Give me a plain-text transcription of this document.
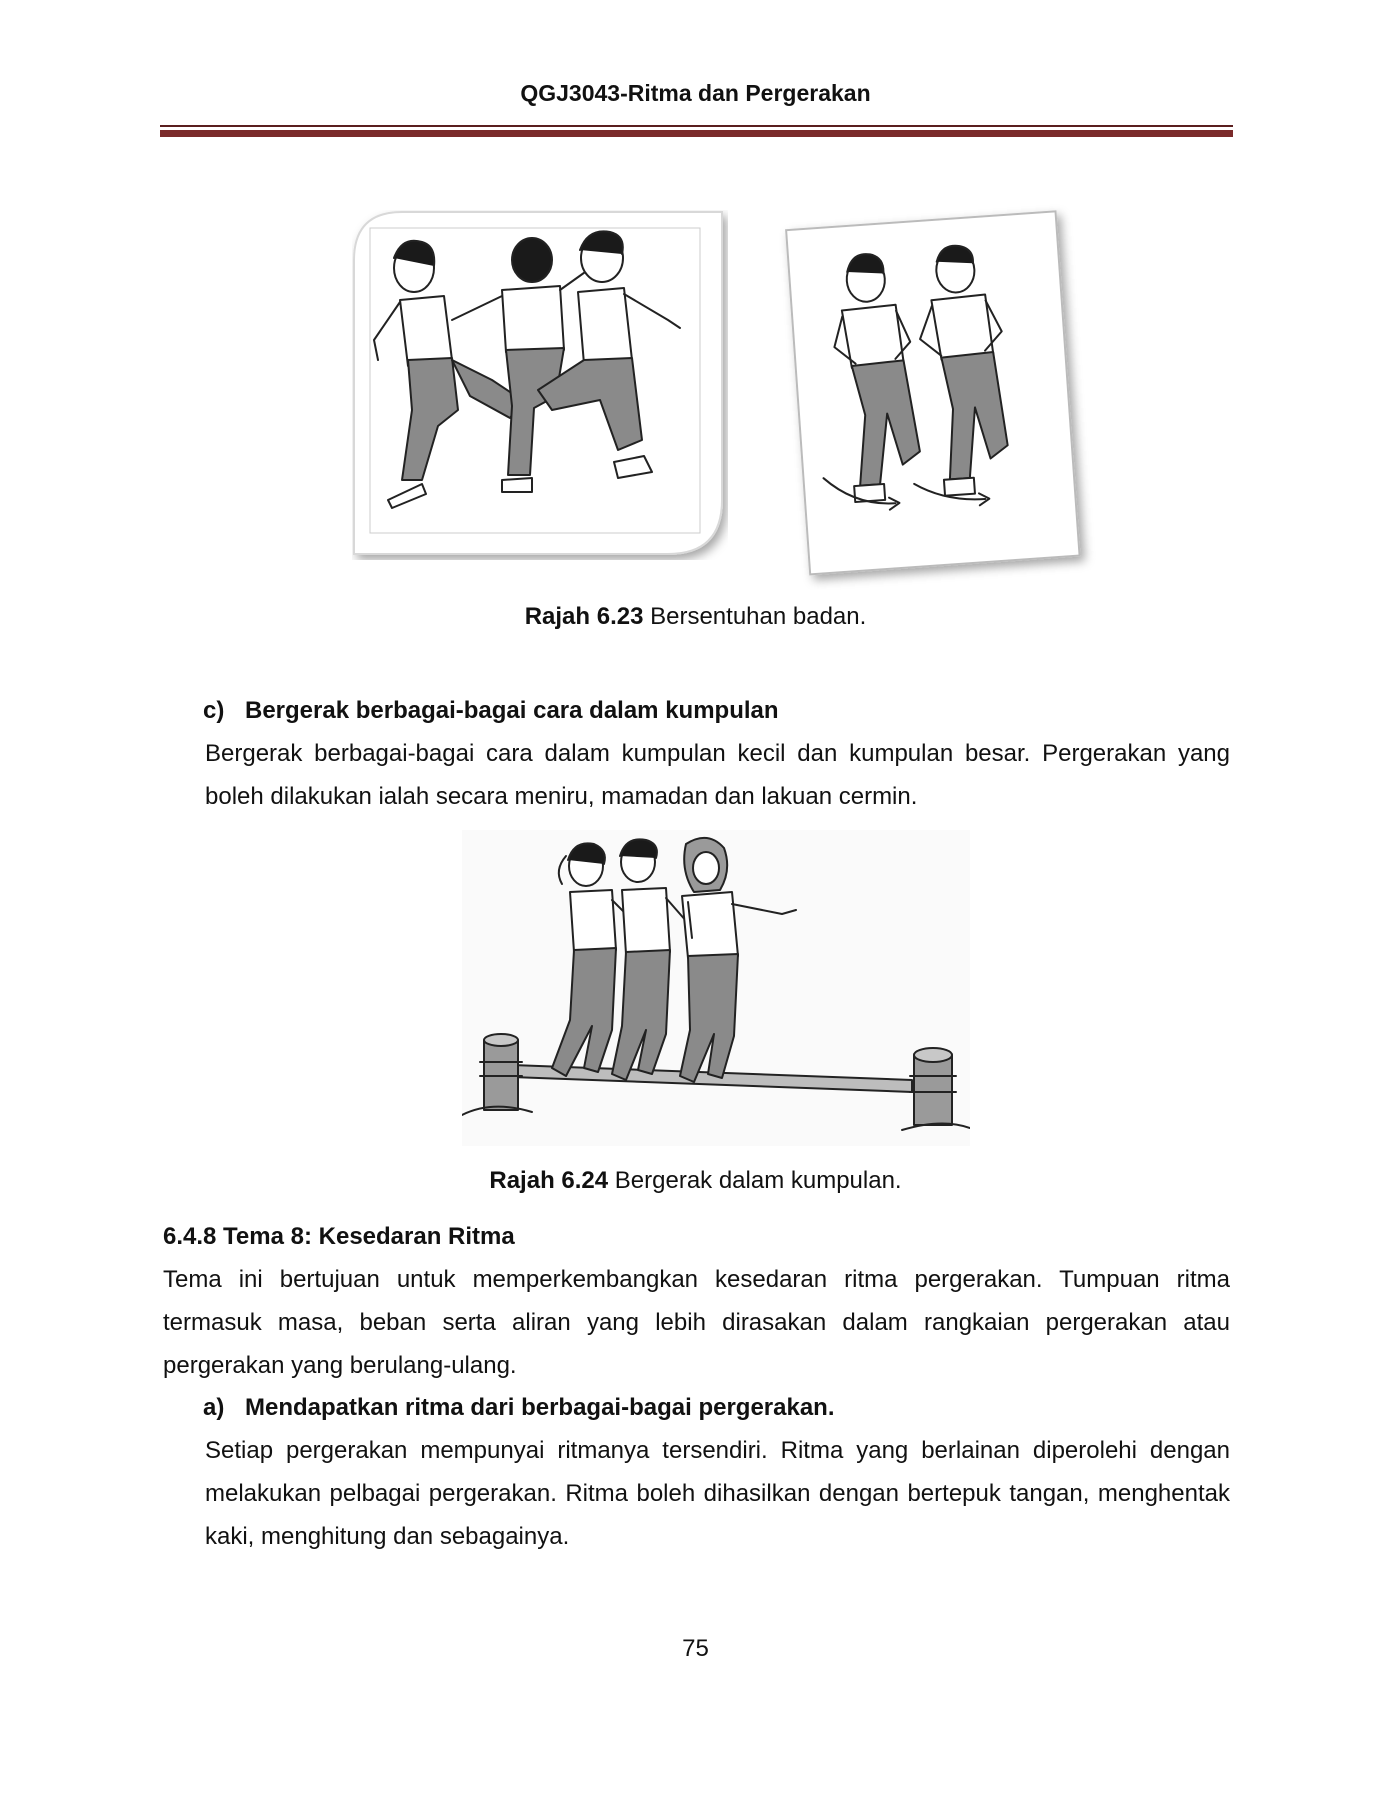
QGJ3043-Ritma dan Pergerakan
Rajah 6.23 Bersentuhan badan.
c) Bergerak berbagai-bagai cara dalam kumpulan
Bergerak berbagai-bagai cara dalam kumpulan kecil dan kumpulan besar. Pergerakan yang boleh dilakukan ialah secara meniru, mamadan dan lakuan cermin.
Rajah 6.24 Bergerak dalam kumpulan.
6.4.8 Tema 8: Kesedaran Ritma
Tema ini bertujuan untuk memperkembangkan kesedaran ritma pergerakan. Tumpuan ritma termasuk masa, beban serta aliran yang lebih dirasakan dalam rangkaian pergerakan atau pergerakan yang berulang-ulang.
a) Mendapatkan ritma dari berbagai-bagai pergerakan.
Setiap pergerakan mempunyai ritmanya tersendiri. Ritma yang berlainan diperolehi dengan melakukan pelbagai pergerakan. Ritma boleh dihasilkan dengan bertepuk tangan, menghentak kaki, menghitung dan sebagainya.
75
